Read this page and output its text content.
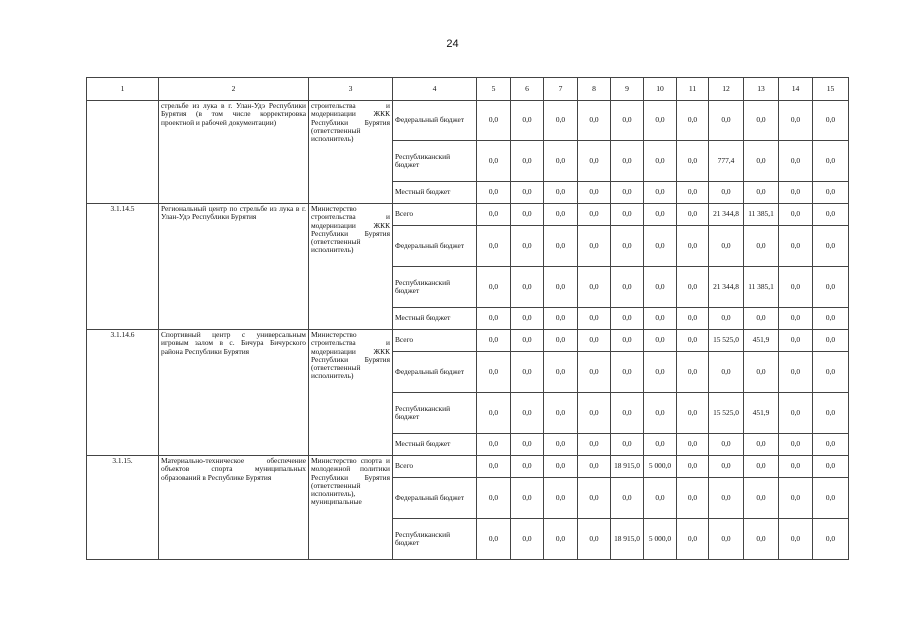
24
1	2	3	4	5	6	7	8	9	10	11	12	13	14	15
	стрельбе из лука в г. Улан-Удэ Республики Бурятия (в том числе корректировка проектной и рабочей документации)	строительства и модернизации ЖКК Республики Бурятия (ответственный исполнитель)	Федеральный бюджет	0,0	0,0	0,0	0,0	0,0	0,0	0,0	0,0	0,0	0,0	0,0
			Республиканский бюджет	0,0	0,0	0,0	0,0	0,0	0,0	0,0	777,4	0,0	0,0	0,0
			Местный бюджет	0,0	0,0	0,0	0,0	0,0	0,0	0,0	0,0	0,0	0,0	0,0
3.1.14.5	Региональный центр по стрельбе из лука в г. Улан-Удэ Республики Бурятия	Министерство строительства и модернизации ЖКК Республики Бурятия (ответственный исполнитель)	Всего	0,0	0,0	0,0	0,0	0,0	0,0	0,0	21 344,8	11 385,1	0,0	0,0
			Федеральный бюджет	0,0	0,0	0,0	0,0	0,0	0,0	0,0	0,0	0,0	0,0	0,0
			Республиканский бюджет	0,0	0,0	0,0	0,0	0,0	0,0	0,0	21 344,8	11 385,1	0,0	0,0
			Местный бюджет	0,0	0,0	0,0	0,0	0,0	0,0	0,0	0,0	0,0	0,0	0,0
3.1.14.6	Спортивный центр с универсальным игровым залом в с. Бичура Бичурского района Республики Бурятия	Министерство строительства и модернизации ЖКК Республики Бурятия (ответственный исполнитель)	Всего	0,0	0,0	0,0	0,0	0,0	0,0	0,0	15 525,0	451,9	0,0	0,0
			Федеральный бюджет	0,0	0,0	0,0	0,0	0,0	0,0	0,0	0,0	0,0	0,0	0,0
			Республиканский бюджет	0,0	0,0	0,0	0,0	0,0	0,0	0,0	15 525,0	451,9	0,0	0,0
			Местный бюджет	0,0	0,0	0,0	0,0	0,0	0,0	0,0	0,0	0,0	0,0	0,0
3.1.15.	Материально-техническое обеспечение объектов спорта муниципальных образований в Республике Бурятия	Министерство спорта и молодежной политики Республики Бурятия (ответственный исполнитель), муниципальные	Всего	0,0	0,0	0,0	0,0	18 915,0	5 000,0	0,0	0,0	0,0	0,0	0,0
			Федеральный бюджет	0,0	0,0	0,0	0,0	0,0	0,0	0,0	0,0	0,0	0,0	0,0
			Республиканский бюджет	0,0	0,0	0,0	0,0	18 915,0	5 000,0	0,0	0,0	0,0	0,0	0,0
